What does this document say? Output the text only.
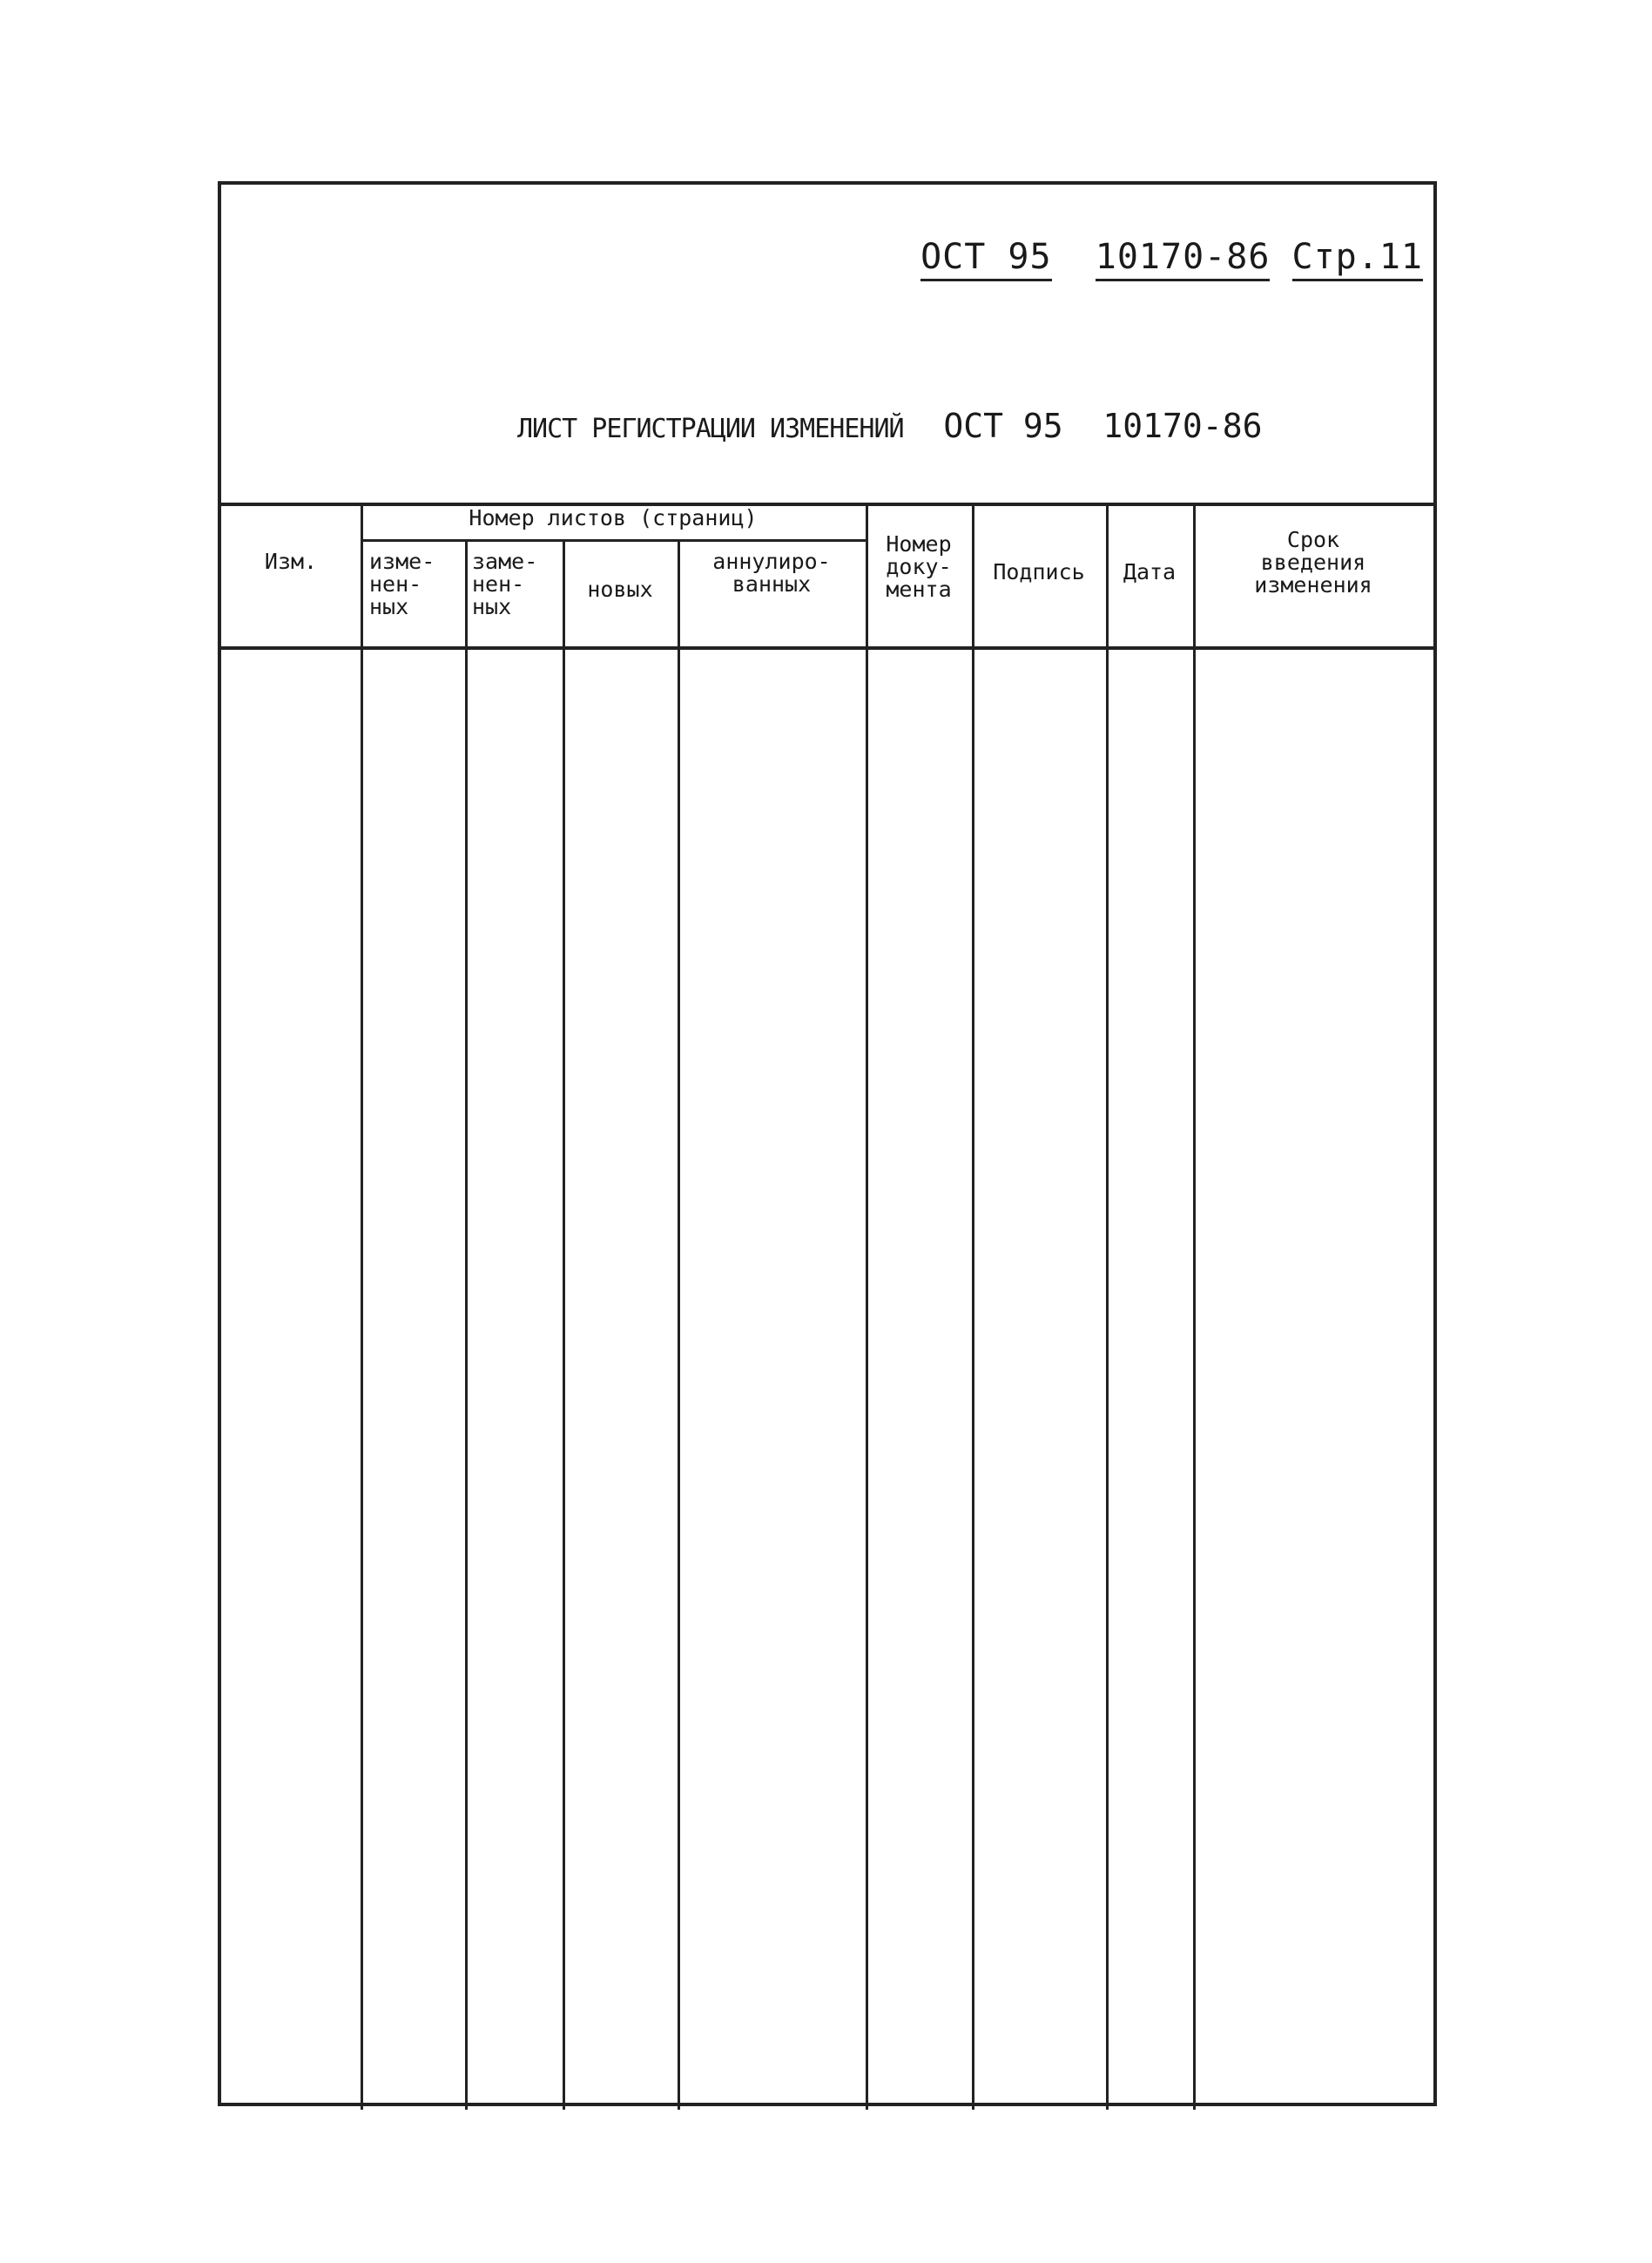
ОСТ 95 10170-86 Стр.11
ЛИСТ РЕГИСТРАЦИИ ИЗМЕНЕНИЙ ОСТ 95 10170-86
Изм.
Номер листов (страниц)
изме-
нен-
ных
заме-
нен-
ных
новых
аннулиро-
ванных
Номер
доку-
мента
Подпись	Дата
Срок
введения
изменения
